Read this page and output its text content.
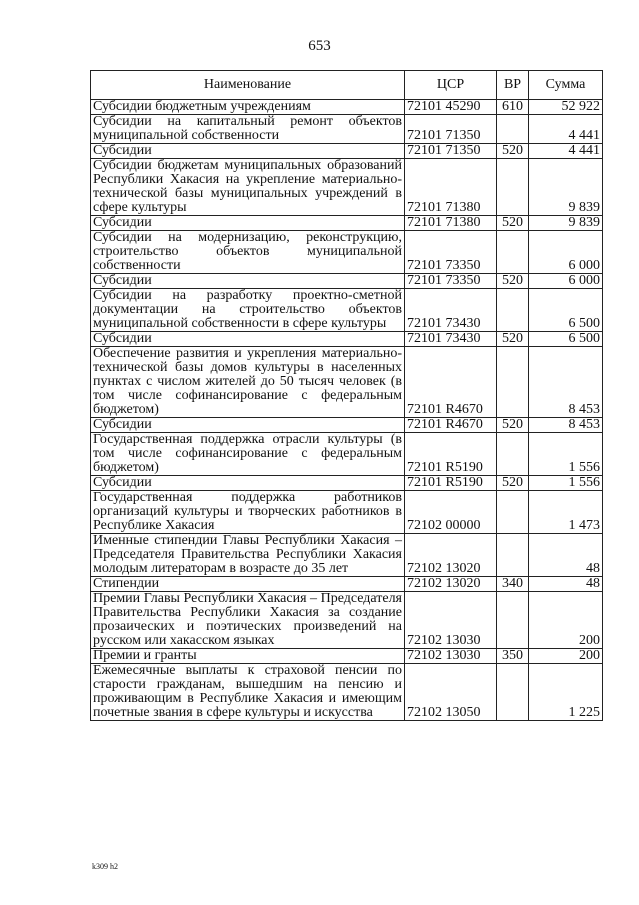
653
Наименование	ЦСР	ВР	Сумма
Субсидии бюджетным учреждениям	72101 45290	610	52 922
Субсидии на капитальный ремонт объектов муниципальной собственности	72101 71350		4 441
Субсидии	72101 71350	520	4 441
Субсидии бюджетам муниципальных образований Республики Хакасия на укрепление материально-технической базы муниципальных учреждений в сфере культуры	72101 71380		9 839
Субсидии	72101 71380	520	9 839
Субсидии на модернизацию, реконструкцию, строительство объектов муниципальной собственности	72101 73350		6 000
Субсидии	72101 73350	520	6 000
Субсидии на разработку проектно-сметной документации на строительство объектов муниципальной собственности в сфере культуры	72101 73430		6 500
Субсидии	72101 73430	520	6 500
Обеспечение развития и укрепления материально-технической базы домов культуры в населенных пунктах с числом жителей до 50 тысяч человек (в том числе софинансирование с федеральным бюджетом)	72101 R4670		8 453
Субсидии	72101 R4670	520	8 453
Государственная поддержка отрасли культуры (в том числе софинансирование с федеральным бюджетом)	72101 R5190		1 556
Субсидии	72101 R5190	520	1 556
Государственная поддержка работников организаций культуры и творческих работников в Республике Хакасия	72102 00000		1 473
Именные стипендии Главы Республики Хакасия – Председателя Правительства Республики Хакасия молодым литераторам в возрасте до 35 лет	72102 13020		48
Стипендии	72102 13020	340	48
Премии Главы Республики Хакасия – Председателя Правительства Республики Хакасия за создание прозаических и поэтических произведений на русском или хакасском языках	72102 13030		200
Премии и гранты	72102 13030	350	200
Ежемесячные выплаты к страховой пенсии по старости гражданам, вышедшим на пенсию и проживающим в Республике Хакасия и имеющим почетные звания в сфере культуры и искусства	72102 13050		1 225
k309 h2
